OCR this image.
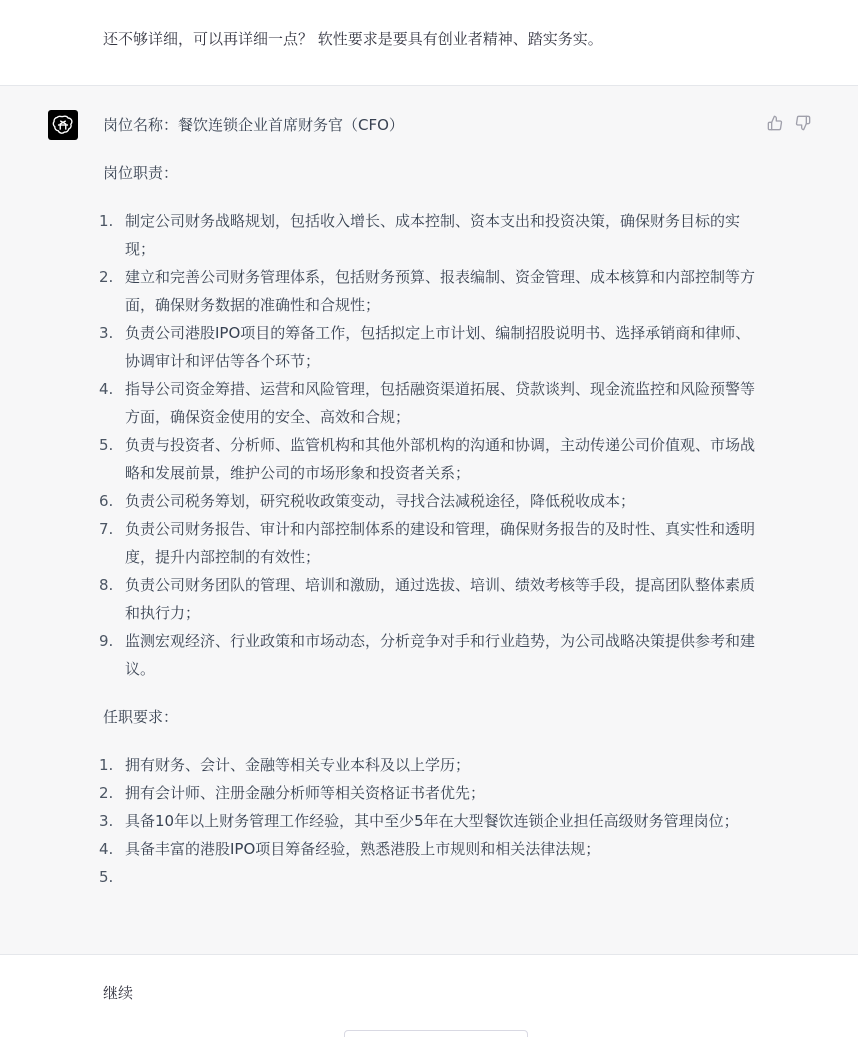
还不够详细，可以再详细一点？ 软性要求是要具有创业者精神、踏实务实。
岗位名称：餐饮连锁企业首席财务官（CFO）
岗位职责：
1. 制定公司财务战略规划，包括收入增长、成本控制、资本支出和投资决策，确保财务目标的实现；
2. 建立和完善公司财务管理体系，包括财务预算、报表编制、资金管理、成本核算和内部控制等方面，确保财务数据的准确性和合规性；
3. 负责公司港股IPO项目的筹备工作，包括拟定上市计划、编制招股说明书、选择承销商和律师、协调审计和评估等各个环节；
4. 指导公司资金筹措、运营和风险管理，包括融资渠道拓展、贷款谈判、现金流监控和风险预警等方面，确保资金使用的安全、高效和合规；
5. 负责与投资者、分析师、监管机构和其他外部机构的沟通和协调，主动传递公司价值观、市场战略和发展前景，维护公司的市场形象和投资者关系；
6. 负责公司税务筹划，研究税收政策变动，寻找合法减税途径，降低税收成本；
7. 负责公司财务报告、审计和内部控制体系的建设和管理，确保财务报告的及时性、真实性和透明度，提升内部控制的有效性；
8. 负责公司财务团队的管理、培训和激励，通过选拔、培训、绩效考核等手段，提高团队整体素质和执行力；
9. 监测宏观经济、行业政策和市场动态，分析竞争对手和行业趋势，为公司战略决策提供参考和建议。
任职要求：
1. 拥有财务、会计、金融等相关专业本科及以上学历；
2. 拥有会计师、注册金融分析师等相关资格证书者优先；
3. 具备10年以上财务管理工作经验，其中至少5年在大型餐饮连锁企业担任高级财务管理岗位；
4. 具备丰富的港股IPO项目筹备经验，熟悉港股上市规则和相关法律法规；
5.
继续
